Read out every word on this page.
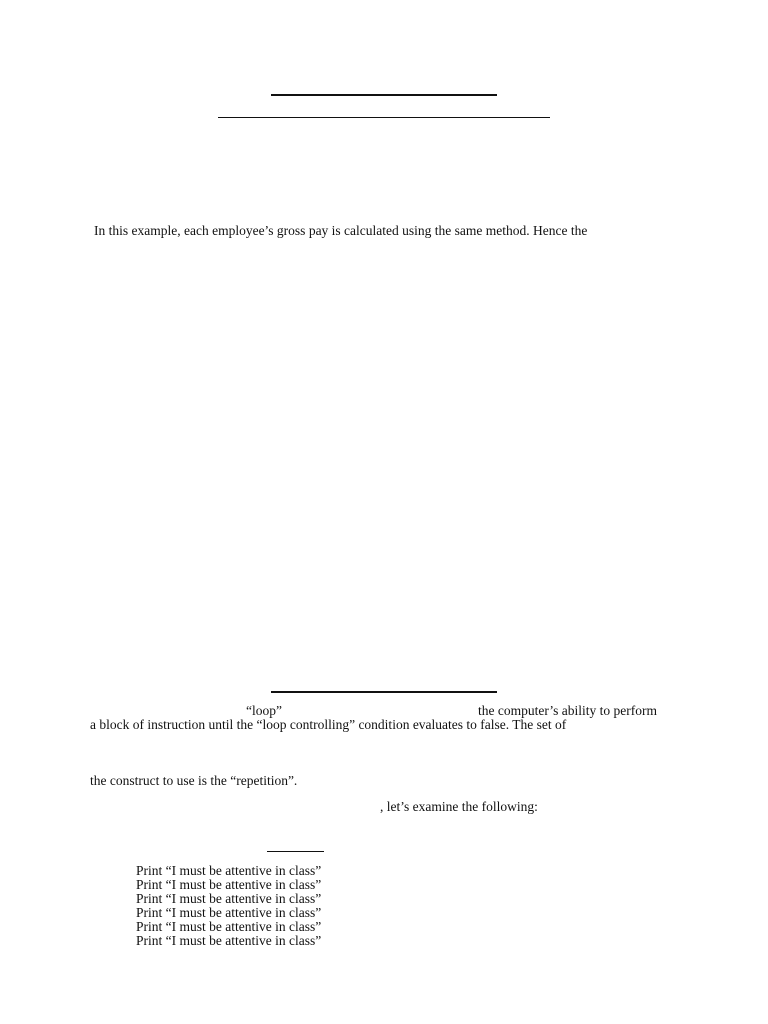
In this example, each employee’s gross pay is calculated using the same method. Hence the
“loop”	the computer’s ability to perform
a block of instruction until the “loop controlling” condition evaluates to false. The set of
the construct to use is the “repetition”.
, let’s examine the following:
Print “I must be attentive in class”
Print “I must be attentive in class”
Print “I must be attentive in class”
Print “I must be attentive in class”
Print “I must be attentive in class”
Print “I must be attentive in class”
